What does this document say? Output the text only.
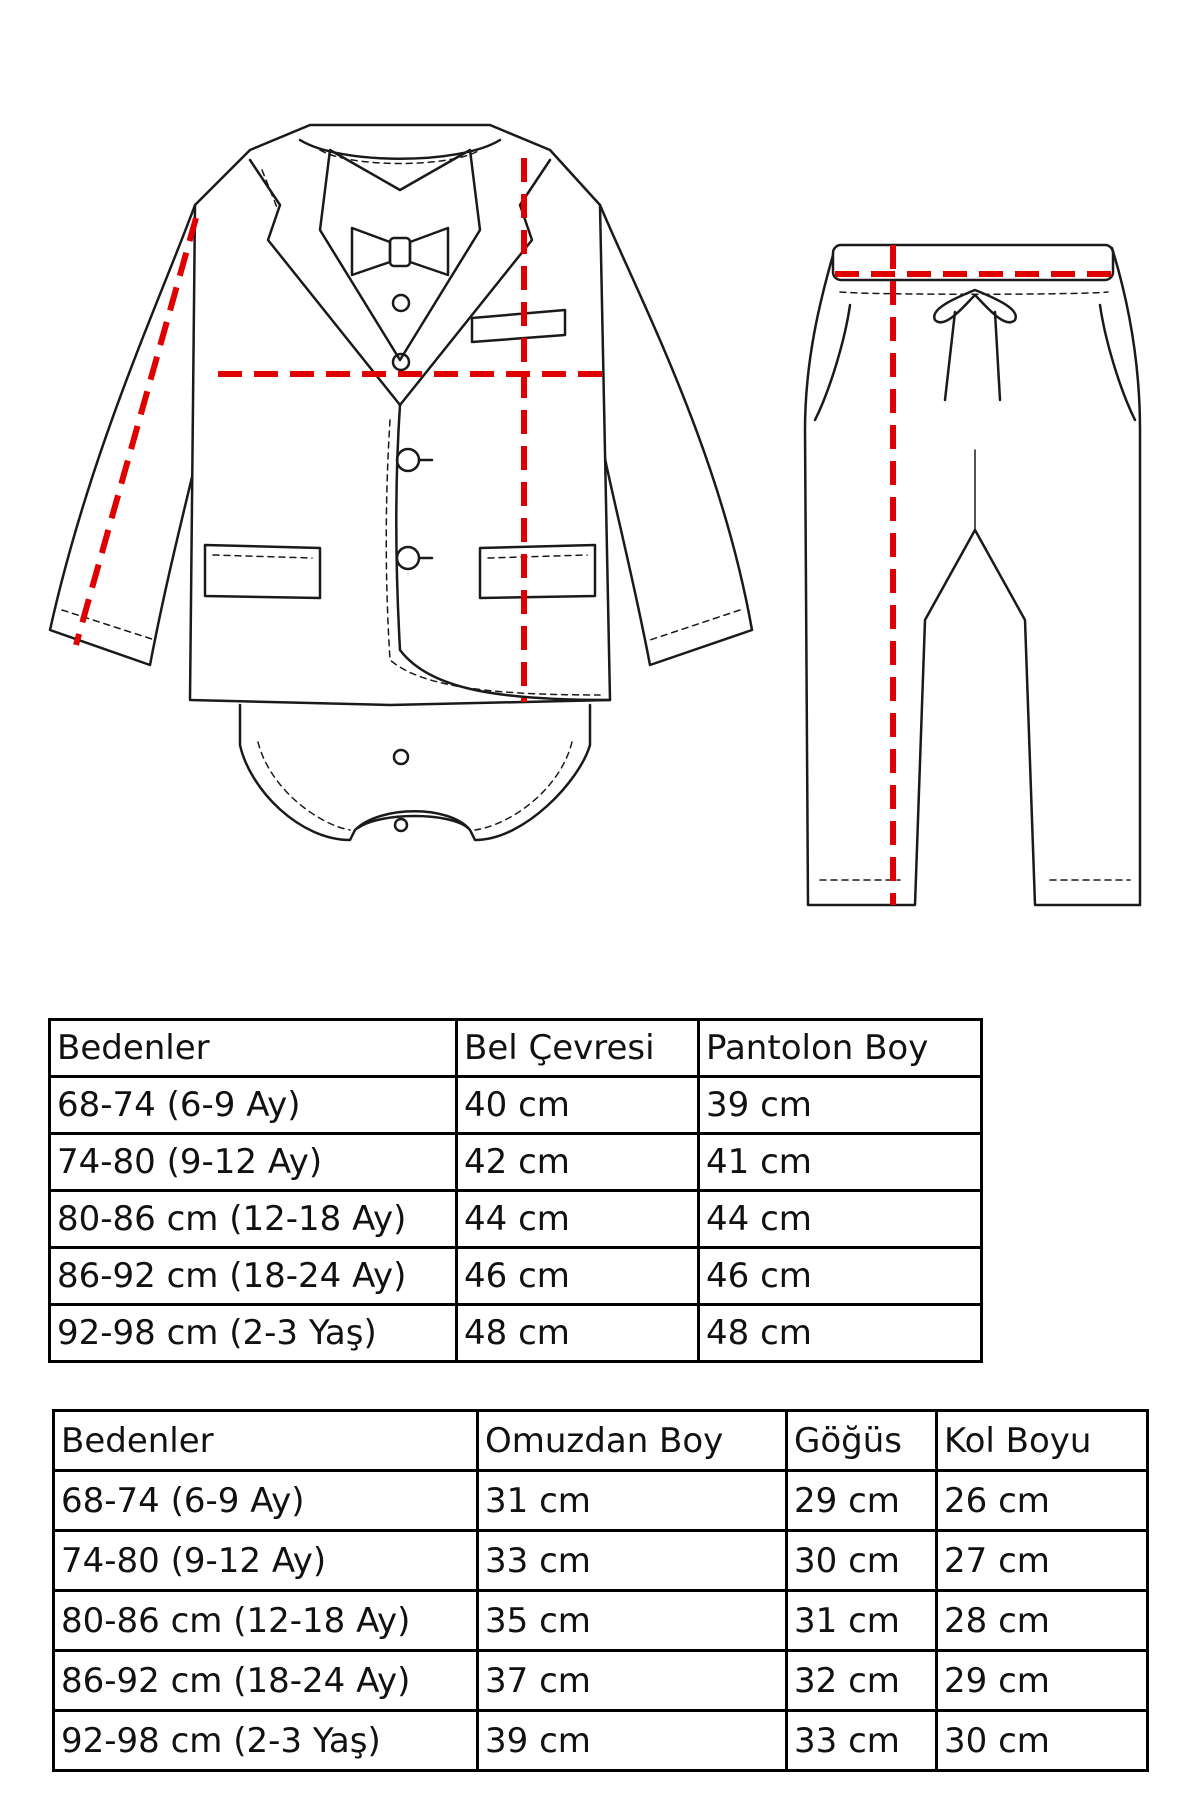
Bedenler	Bel Çevresi	Pantolon Boy
68-74 (6-9 Ay)	40 cm	39 cm
74-80 (9-12 Ay)	42 cm	41 cm
80-86 cm (12-18 Ay)	44 cm	44 cm
86-92 cm (18-24 Ay)	46 cm	46 cm
92-98 cm (2-3 Yaş)	48 cm	48 cm
Bedenler	Omuzdan Boy	Göğüs	Kol Boyu
68-74 (6-9 Ay)	31 cm	29 cm	26 cm
74-80 (9-12 Ay)	33 cm	30 cm	27 cm
80-86 cm (12-18 Ay)	35 cm	31 cm	28 cm
86-92 cm (18-24 Ay)	37 cm	32 cm	29 cm
92-98 cm (2-3 Yaş)	39 cm	33 cm	30 cm
